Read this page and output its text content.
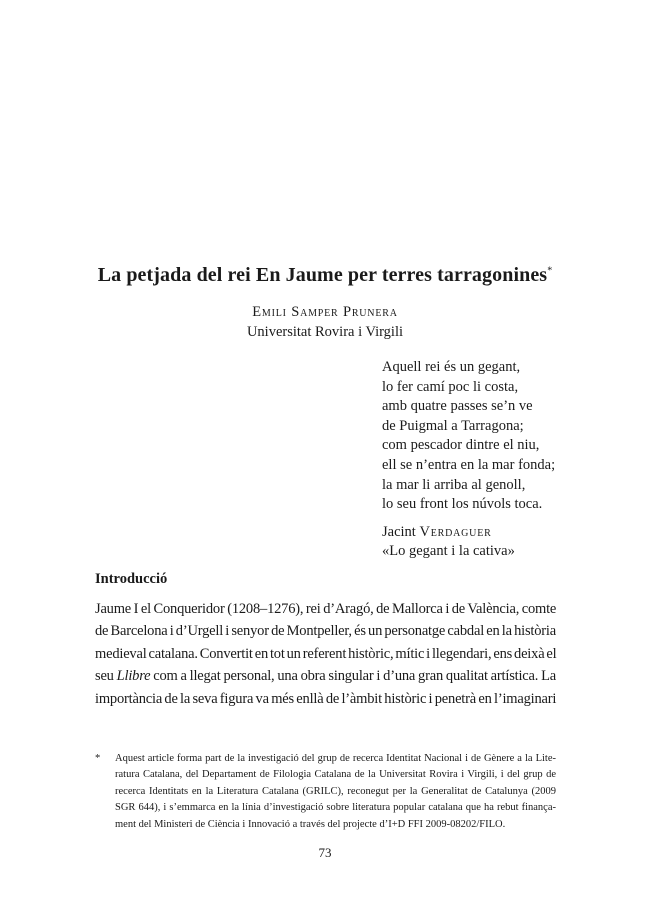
La petjada del rei En Jaume per terres tarragonines*
Emili Samper Prunera
Universitat Rovira i Virgili
Aquell rei és un gegant,
lo fer camí poc li costa,
amb quatre passes se’n ve
de Puigmal a Tarragona;
com pescador dintre el niu,
ell se n’entra en la mar fonda;
la mar li arriba al genoll,
lo seu front los núvols toca.
Jacint Verdaguer
«Lo gegant i la cativa»
Introducció
Jaume I el Conqueridor (1208–1276), rei d’Aragó, de Mallorca i de València, comte
de Barcelona i d’Urgell i senyor de Montpeller, és un personatge cabdal en la història
medieval catalana. Convertit en tot un referent històric, mític i llegendari, ens deixà el
seu Llibre com a llegat personal, una obra singular i d’una gran qualitat artística. La
importància de la seva figura va més enllà de l’àmbit històric i penetrà en l’imaginari
* Aquest article forma part de la investigació del grup de recerca Identitat Nacional i de Gènere a la Lite-
ratura Catalana, del Departament de Filologia Catalana de la Universitat Rovira i Virgili, i del grup de
recerca Identitats en la Literatura Catalana (GRILC), reconegut per la Generalitat de Catalunya (2009
SGR 644), i s’emmarca en la línia d’investigació sobre literatura popular catalana que ha rebut finança-
ment del Ministeri de Ciència i Innovació a través del projecte d’I+D FFI 2009-08202/FILO.
73
